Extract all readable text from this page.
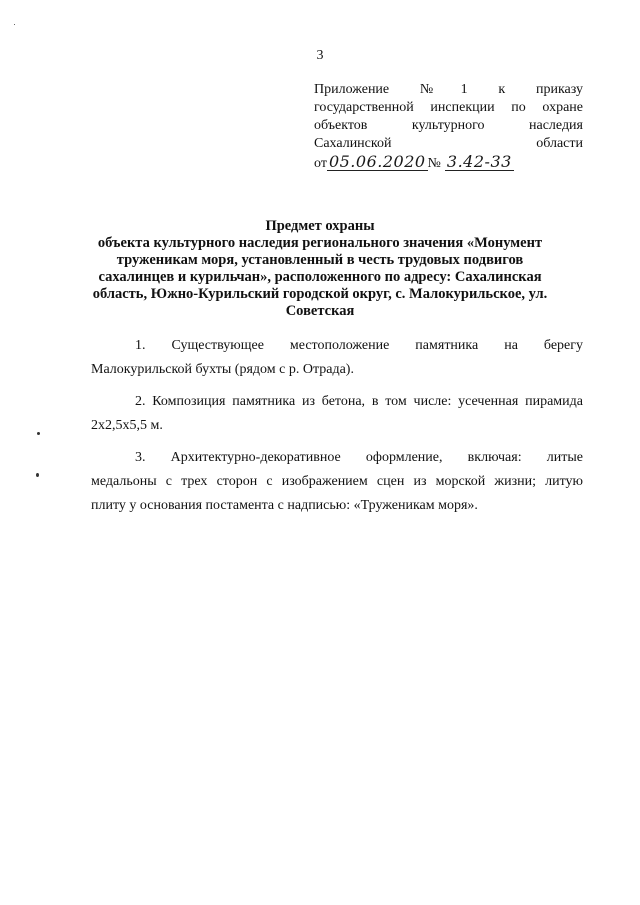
3
Приложение №1 к приказу
государственной инспекции по охране
объектов культурного наследия
Сахалинской области
от 05.06.2020 № 3.42-33
Предмет охраны
объекта культурного наследия регионального значения «Монумент
труженикам моря, установленный в честь трудовых подвигов
сахалинцев и курильчан», расположенного по адресу: Сахалинская
область, Южно-Курильский городской округ, с. Малокурильское, ул.
Советская
1. Существующее местоположение памятника на берегу
Малокурильской бухты (рядом с р. Отрада).
2. Композиция памятника из бетона, в том числе: усеченная пирамида
2х2,5х5,5 м.
3. Архитектурно-декоративное оформление, включая: литые
медальоны с трех сторон с изображением сцен из морской жизни; литую
плиту у основания постамента с надписью: «Труженикам моря».
